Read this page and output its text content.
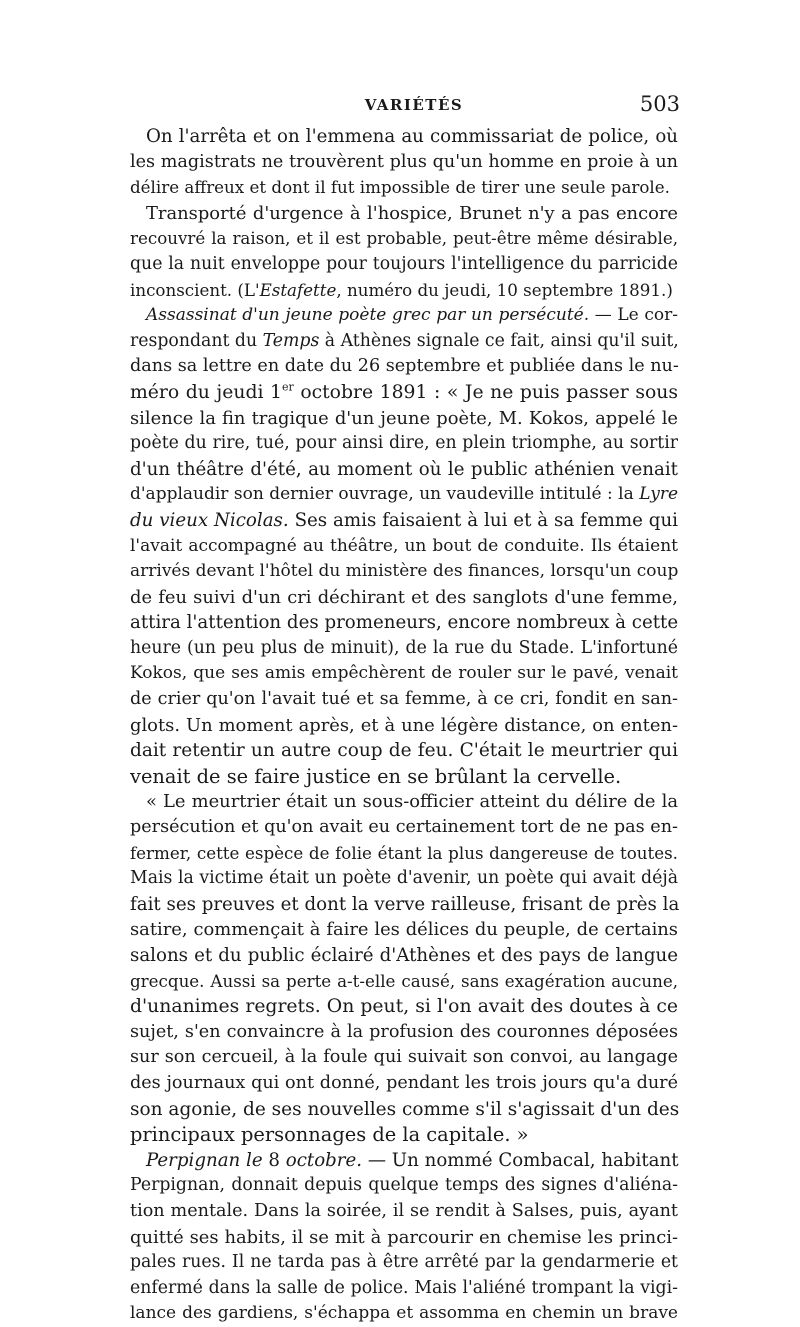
VARIÉTÉS	503
On l'arrêta et on l'emmena au commissariat de police, où
les magistrats ne trouvèrent plus qu'un homme en proie à un
délire affreux et dont il fut impossible de tirer une seule parole.
Transporté d'urgence à l'hospice, Brunet n'y a pas encore
recouvré la raison, et il est probable, peut-être même désirable,
que la nuit enveloppe pour toujours l'intelligence du parricide
inconscient. (L'Estafette, numéro du jeudi, 10 septembre 1891.)
Assassinat d'un jeune poète grec par un persécuté. — Le cor-
respondant du Temps à Athènes signale ce fait, ainsi qu'il suit,
dans sa lettre en date du 26 septembre et publiée dans le nu-
méro du jeudi 1er octobre 1891 : « Je ne puis passer sous
silence la fin tragique d'un jeune poète, M. Kokos, appelé le
poète du rire, tué, pour ainsi dire, en plein triomphe, au sortir
d'un théâtre d'été, au moment où le public athénien venait
d'applaudir son dernier ouvrage, un vaudeville intitulé : la Lyre
du vieux Nicolas. Ses amis faisaient à lui et à sa femme qui
l'avait accompagné au théâtre, un bout de conduite. Ils étaient
arrivés devant l'hôtel du ministère des finances, lorsqu'un coup
de feu suivi d'un cri déchirant et des sanglots d'une femme,
attira l'attention des promeneurs, encore nombreux à cette
heure (un peu plus de minuit), de la rue du Stade. L'infortuné
Kokos, que ses amis empêchèrent de rouler sur le pavé, venait
de crier qu'on l'avait tué et sa femme, à ce cri, fondit en san-
glots. Un moment après, et à une légère distance, on enten-
dait retentir un autre coup de feu. C'était le meurtrier qui
venait de se faire justice en se brûlant la cervelle.
« Le meurtrier était un sous-officier atteint du délire de la
persécution et qu'on avait eu certainement tort de ne pas en-
fermer, cette espèce de folie étant la plus dangereuse de toutes.
Mais la victime était un poète d'avenir, un poète qui avait déjà
fait ses preuves et dont la verve railleuse, frisant de près la
satire, commençait à faire les délices du peuple, de certains
salons et du public éclairé d'Athènes et des pays de langue
grecque. Aussi sa perte a-t-elle causé, sans exagération aucune,
d'unanimes regrets. On peut, si l'on avait des doutes à ce
sujet, s'en convaincre à la profusion des couronnes déposées
sur son cercueil, à la foule qui suivait son convoi, au langage
des journaux qui ont donné, pendant les trois jours qu'a duré
son agonie, de ses nouvelles comme s'il s'agissait d'un des
principaux personnages de la capitale. »
Perpignan le 8 octobre. — Un nommé Combacal, habitant
Perpignan, donnait depuis quelque temps des signes d'aliéna-
tion mentale. Dans la soirée, il se rendit à Salses, puis, ayant
quitté ses habits, il se mit à parcourir en chemise les princi-
pales rues. Il ne tarda pas à être arrêté par la gendarmerie et
enfermé dans la salle de police. Mais l'aliéné trompant la vigi-
lance des gardiens, s'échappa et assomma en chemin un brave
